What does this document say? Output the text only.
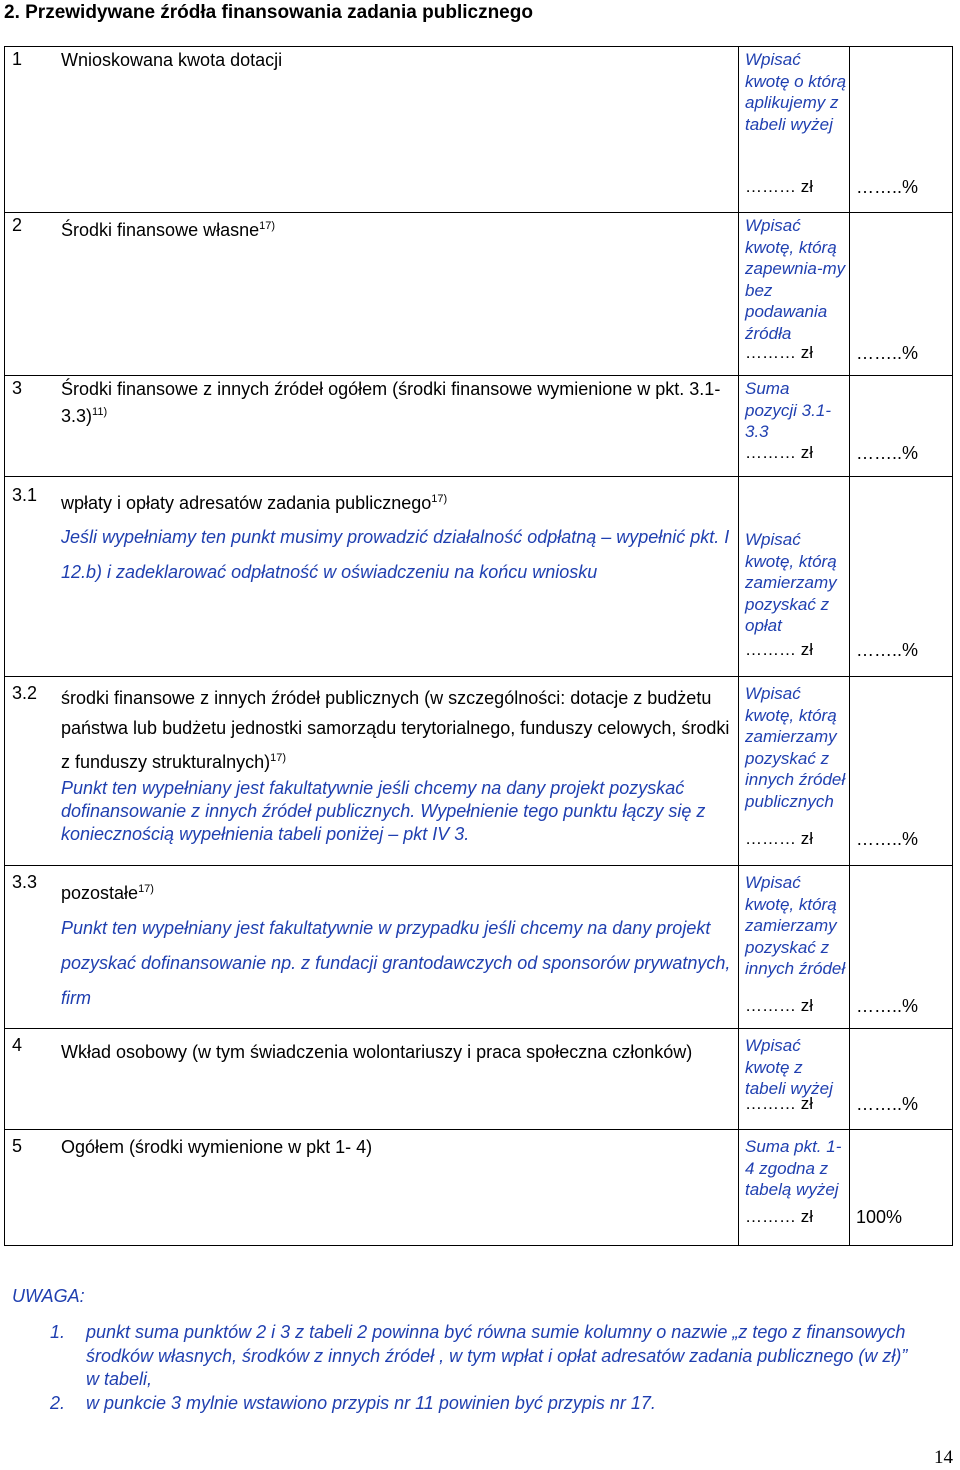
2. Przewidywane źródła finansowania zadania publicznego
1 Wnioskowana kwota dotacji	Wpisać kwotę o którą aplikujemy z tabeli wyżej
……… zł	……..%

2 Środki finansowe własne$^{17)}$	Wpisać kwotę, którą zapewnia-my bez podawania źródła
……… zł	……..%

3 Środki finansowe z innych źródeł ogółem (środki finansowe wymienione w pkt. 3.1-3.3)$^{11)}$	Suma pozycji 3.1-3.3
……… zł	……..%

3.1 wpłaty i opłaty adresatów zadania publicznego$^{17)}$
Jeśli wypełniamy ten punkt musimy prowadzić działalność odpłatną – wypełnić pkt. I 12.b) i zadeklarować odpłatność w oświadczeniu na końcu wniosku	Wpisać kwotę, którą zamierzamy pozyskać z opłat
……… zł	……..%

3.2 środki finansowe z innych źródeł publicznych (w szczególności: dotacje z budżetu państwa lub budżetu jednostki samorządu terytorialnego, funduszy celowych, środki z funduszy strukturalnych)$^{17)}$

Punkt ten wypełniany jest fakultatywnie jeśli chcemy na dany projekt pozyskać dofinansowanie z innych źródeł publicznych. Wypełnienie tego punktu łączy się z koniecznością wypełnienia tabeli poniżej – pkt IV 3.	Wpisać kwotę, którą zamierzamy pozyskać z innych źródeł publicznych
……… zł	……..%

3.3
pozostałe$^{17)}$
Punkt ten wypełniany jest fakultatywnie w przypadku jeśli chcemy na dany projekt pozyskać dofinansowanie np. z fundacji grantodawczych od sponsorów prywatnych, firm	Wpisać kwotę, którą zamierzamy pozyskać z innych źródeł
……… zł	……..%

4 Wkład osobowy (w tym świadczenia wolontariuszy i praca społeczna członków)	Wpisać kwotę z tabeli wyżej
……… zł	……..%

5 Ogółem (środki wymienione w pkt 1- 4)	Suma pkt. 1-4 zgodna z tabelą wyżej
……… zł	100%
UWAGA:
1. punkt suma punktów 2 i 3 z tabeli 2 powinna być równa sumie kolumny o nazwie „z tego z finansowych środków własnych, środków z innych źródeł , w tym wpłat i opłat adresatów zadania publicznego (w zł)” w tabeli,
2. w punkcie 3 mylnie wstawiono przypis nr 11 powinien być przypis nr 17.
14
